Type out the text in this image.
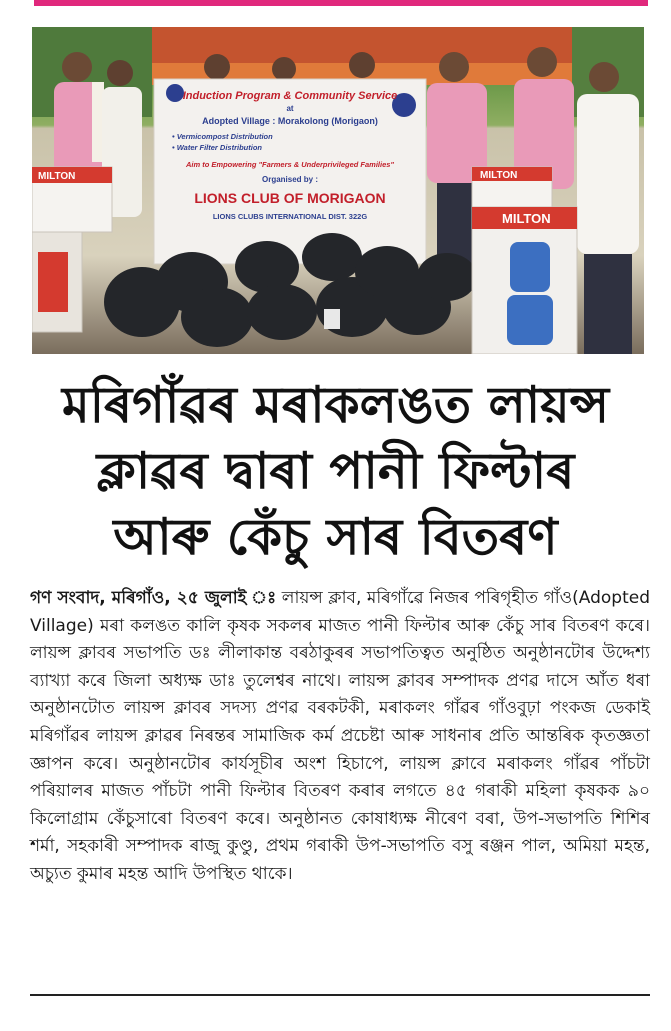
Induction Program & Community Service
at
Adopted Village : Morakolong (Morigaon)
• Vermicompost Distribution
• Water Filter Distribution
Aim to Empowering "Farmers & Underprivileged Families"
Organised by :
LIONS CLUB OF MORIGAON
LIONS CLUBS INTERNATIONAL DIST. 322G
MILTON	MILTON
MILTON
মৰিগাঁৱৰ মৰাকলঙত লায়ন্স
ক্লাৱৰ দ্বাৰা পানী ফিল্টাৰ
আৰু কেঁচু সাৰ বিতৰণ
গণ সংবাদ, মৰিগাঁও, ২৫ জুলাই ঃ লায়ন্স ক্লাব, মৰিগাঁৱে নিজৰ পৰিগৃহীত গাঁও(Adopted Village) মৰা কলঙত কালি কৃষক সকলৰ মাজত পানী ফিল্টাৰ আৰু কেঁচু সাৰ বিতৰণ কৰে। লায়ন্স ক্লাবৰ সভাপতি ডঃ লীলাকান্ত বৰঠাকুৰৰ সভাপতিত্বত অনুষ্ঠিত অনুষ্ঠানটোৰ উদ্দেশ্য ব্যাখ্যা কৰে জিলা অধ্যক্ষ ডাঃ তুলেশ্বৰ নাথে। লায়ন্স ক্লাবৰ সম্পাদক প্ৰণৱ দাসে আঁত ধৰা অনুষ্ঠানটোত লায়ন্স ক্লাবৰ সদস্য প্ৰণৱ বৰকটকী, মৰাকলং গাঁৱৰ গাঁওবুঢ়া পংকজ ডেকাই মৰিগাঁৱৰ লায়ন্স ক্লাৱৰ নিৰন্তৰ সামাজিক কৰ্ম প্ৰচেষ্টা আৰু সাধনাৰ প্ৰতি আন্তৰিক কৃতজ্ঞতা জ্ঞাপন কৰে। অনুষ্ঠানটোৰ কাৰ্যসূচীৰ অংশ হিচাপে, লায়ন্স ক্লাবে মৰাকলং গাঁৱৰ পাঁচটা পৰিয়ালৰ মাজত পাঁচটা পানী ফিল্টাৰ বিতৰণ কৰাৰ লগতে ৪৫ গৰাকী মহিলা কৃষকক ৯০ কিলোগ্ৰাম কেঁচুসাৰো বিতৰণ কৰে। অনুষ্ঠানত কোষাধ্যক্ষ নীৰেণ বৰা, উপ-সভাপতি শিশিৰ শৰ্মা, সহকাৰী সম্পাদক ৰাজু কুণ্ডু, প্ৰথম গৰাকী উপ-সভাপতি বসু ৰঞ্জন পাল, অমিয়া মহন্ত, অচ্যুত কুমাৰ মহন্ত আদি উপস্থিত থাকে।
